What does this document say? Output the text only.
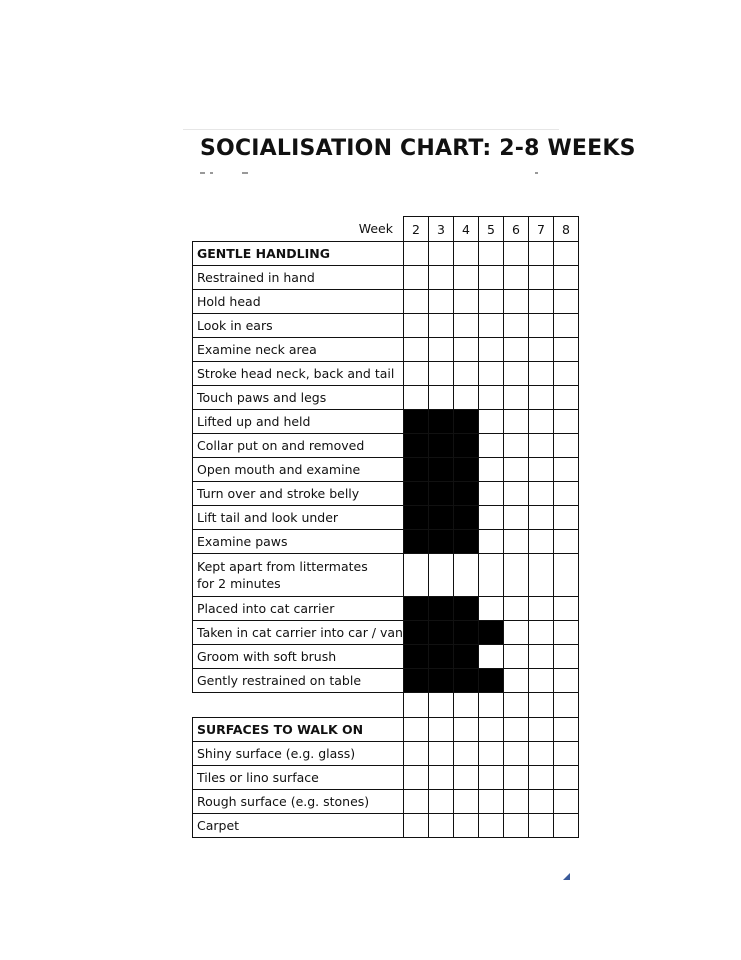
SOCIALISATION CHART: 2-8 WEEKS
Week	2	3	4	5	6	7	8
GENTLE HANDLING							
Restrained in hand							
Hold head							
Look in ears							
Examine neck area							
Stroke head neck, back and tail							
Touch paws and legs							
Lifted up and held							
Collar put on and removed							
Open mouth and examine							
Turn over and stroke belly							
Lift tail and look under							
Examine paws							

Kept apart from littermates
for 2 minutes							

Placed into cat carrier							
Taken in cat carrier into car / van							
Groom with soft brush							
Gently restrained on table							

SURFACES TO WALK ON							
Shiny surface (e.g. glass)							
Tiles or lino surface							
Rough surface (e.g. stones)							
Carpet							
